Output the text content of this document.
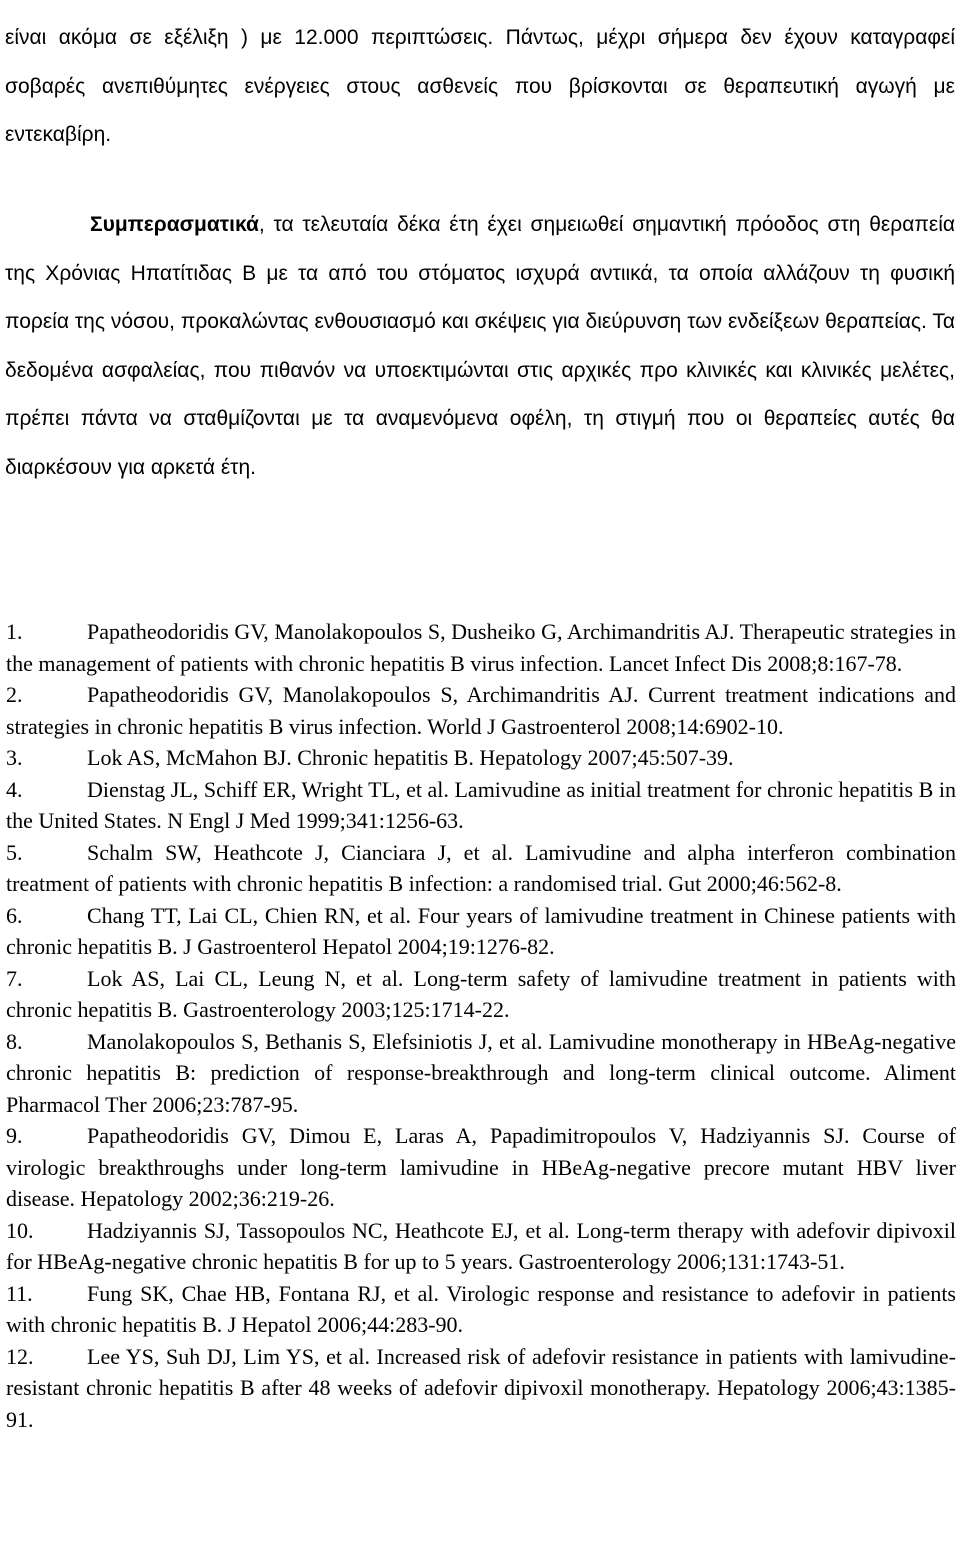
είναι ακόμα σε εξέλιξη ) με 12.000 περιπτώσεις. Πάντως, μέχρι σήμερα δεν έχουν καταγραφεί σοβαρές ανεπιθύμητες ενέργειες στους ασθενείς που βρίσκονται σε θεραπευτική αγωγή με εντεκαβίρη.

Συμπερασματικά, τα τελευταία δέκα έτη έχει σημειωθεί σημαντική πρόοδος στη θεραπεία της Χρόνιας Ηπατίτιδας Β με τα από του στόματος ισχυρά αντιικά, τα οποία αλλάζουν τη φυσική πορεία της νόσου, προκαλώντας ενθουσιασμό και σκέψεις για διεύρυνση των ενδείξεων θεραπείας. Τα δεδομένα ασφαλείας, που πιθανόν να υποεκτιμώνται στις αρχικές προ κλινικές και κλινικές μελέτες, πρέπει πάντα να σταθμίζονται με τα αναμενόμενα οφέλη, τη στιγμή που οι θεραπείες αυτές θα διαρκέσουν για αρκετά έτη.

1.	Papatheodoridis GV, Manolakopoulos S, Dusheiko G, Archimandritis AJ. Therapeutic strategies in the management of patients with chronic hepatitis B virus infection. Lancet Infect Dis 2008;8:167-78.

2.	Papatheodoridis GV, Manolakopoulos S, Archimandritis AJ. Current treatment indications and strategies in chronic hepatitis B virus infection. World J Gastroenterol 2008;14:6902-10.

3.	Lok AS, McMahon BJ. Chronic hepatitis B. Hepatology 2007;45:507-39.

4.	Dienstag JL, Schiff ER, Wright TL, et al. Lamivudine as initial treatment for chronic hepatitis B in the United States. N Engl J Med 1999;341:1256-63.

5.	Schalm SW, Heathcote J, Cianciara J, et al. Lamivudine and alpha interferon combination treatment of patients with chronic hepatitis B infection: a randomised trial. Gut 2000;46:562-8.

6.	Chang TT, Lai CL, Chien RN, et al. Four years of lamivudine treatment in Chinese patients with chronic hepatitis B. J Gastroenterol Hepatol 2004;19:1276-82.

7.	Lok AS, Lai CL, Leung N, et al. Long-term safety of lamivudine treatment in patients with chronic hepatitis B. Gastroenterology 2003;125:1714-22.

8.	Manolakopoulos S, Bethanis S, Elefsiniotis J, et al. Lamivudine monotherapy in HBeAg-negative chronic hepatitis B: prediction of response-breakthrough and long-term clinical outcome. Aliment Pharmacol Ther 2006;23:787-95.

9.	Papatheodoridis GV, Dimou E, Laras A, Papadimitropoulos V, Hadziyannis SJ. Course of virologic breakthroughs under long-term lamivudine in HBeAg-negative precore mutant HBV liver disease. Hepatology 2002;36:219-26.

10. Hadziyannis SJ, Tassopoulos NC, Heathcote EJ, et al. Long-term therapy with adefovir dipivoxil for HBeAg-negative chronic hepatitis B for up to 5 years. Gastroenterology 2006;131:1743-51.

11. Fung SK, Chae HB, Fontana RJ, et al. Virologic response and resistance to adefovir in patients with chronic hepatitis B. J Hepatol 2006;44:283-90.

12. Lee YS, Suh DJ, Lim YS, et al. Increased risk of adefovir resistance in patients with lamivudine-resistant chronic hepatitis B after 48 weeks of adefovir dipivoxil monotherapy. Hepatology 2006;43:1385-91.
